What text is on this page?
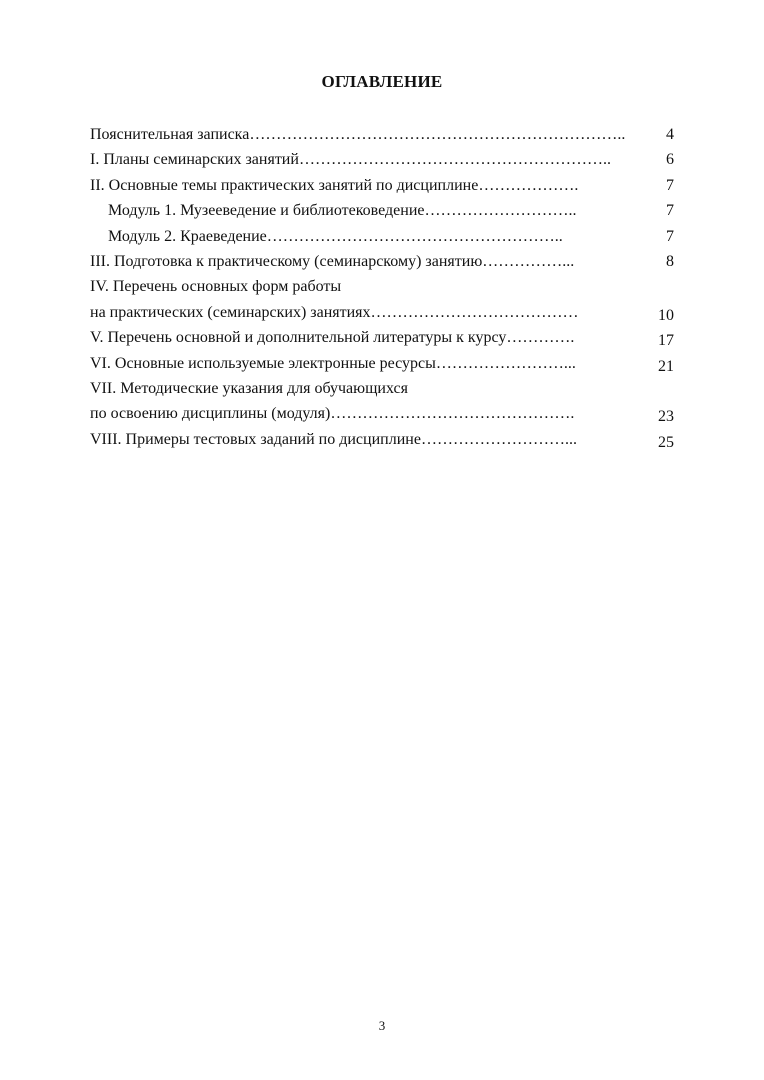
ОГЛАВЛЕНИЕ
Пояснительная записка……………………………………………………………..	4
I. Планы семинарских занятий…………………………………………………..	6
II. Основные темы практических занятий по дисциплине……………….	7
Модуль 1. Музееведение и библиотековедение………………………..	7
Модуль 2. Краеведение………………………………………………..	7
III. Подготовка к практическому (семинарскому) занятию……………...	8
IV. Перечень основных форм работы
на практических (семинарских) занятиях…………………………………	10
V. Перечень основной и дополнительной литературы к курсу………….	17
VI. Основные используемые электронные ресурсы……………………...	21
VII. Методические указания для обучающихся
по освоению дисциплины (модуля)……………………………………….	23
VIII. Примеры тестовых заданий по дисциплине………………………...	25
3
